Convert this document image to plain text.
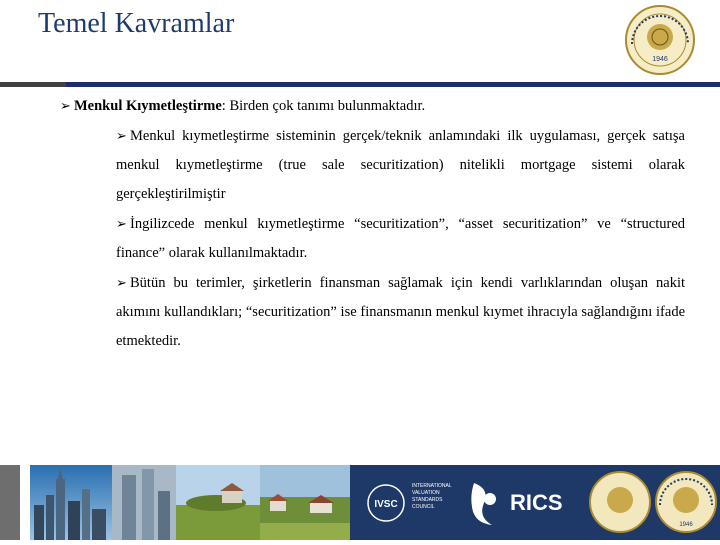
Temel Kavramlar
1946
➢ Menkul Kıymetleştirme: Birden çok tanımı bulunmaktadır.
➢ Menkul kıymetleştirme sisteminin gerçek/teknik anlamındaki ilk uygulaması, gerçek satışa menkul kıymetleştirme (true sale securitization) nitelikli mortgage sistemi olarak gerçekleştirilmiştir
➢ İngilizcede menkul kıymetleştirme “securitization”, “asset securitization” ve “structured finance” olarak kullanılmaktadır.
➢ Bütün bu terimler, şirketlerin finansman sağlamak için kendi varlıklarından oluşan nakit akımını kullandıkları; “securitization” ise finansmanın menkul kıymet ihracıyla sağlandığını ifade etmektedir.
IVSC
INTERNATIONAL
VALUATION
STANDARDS
COUNCIL	RICS
1946
